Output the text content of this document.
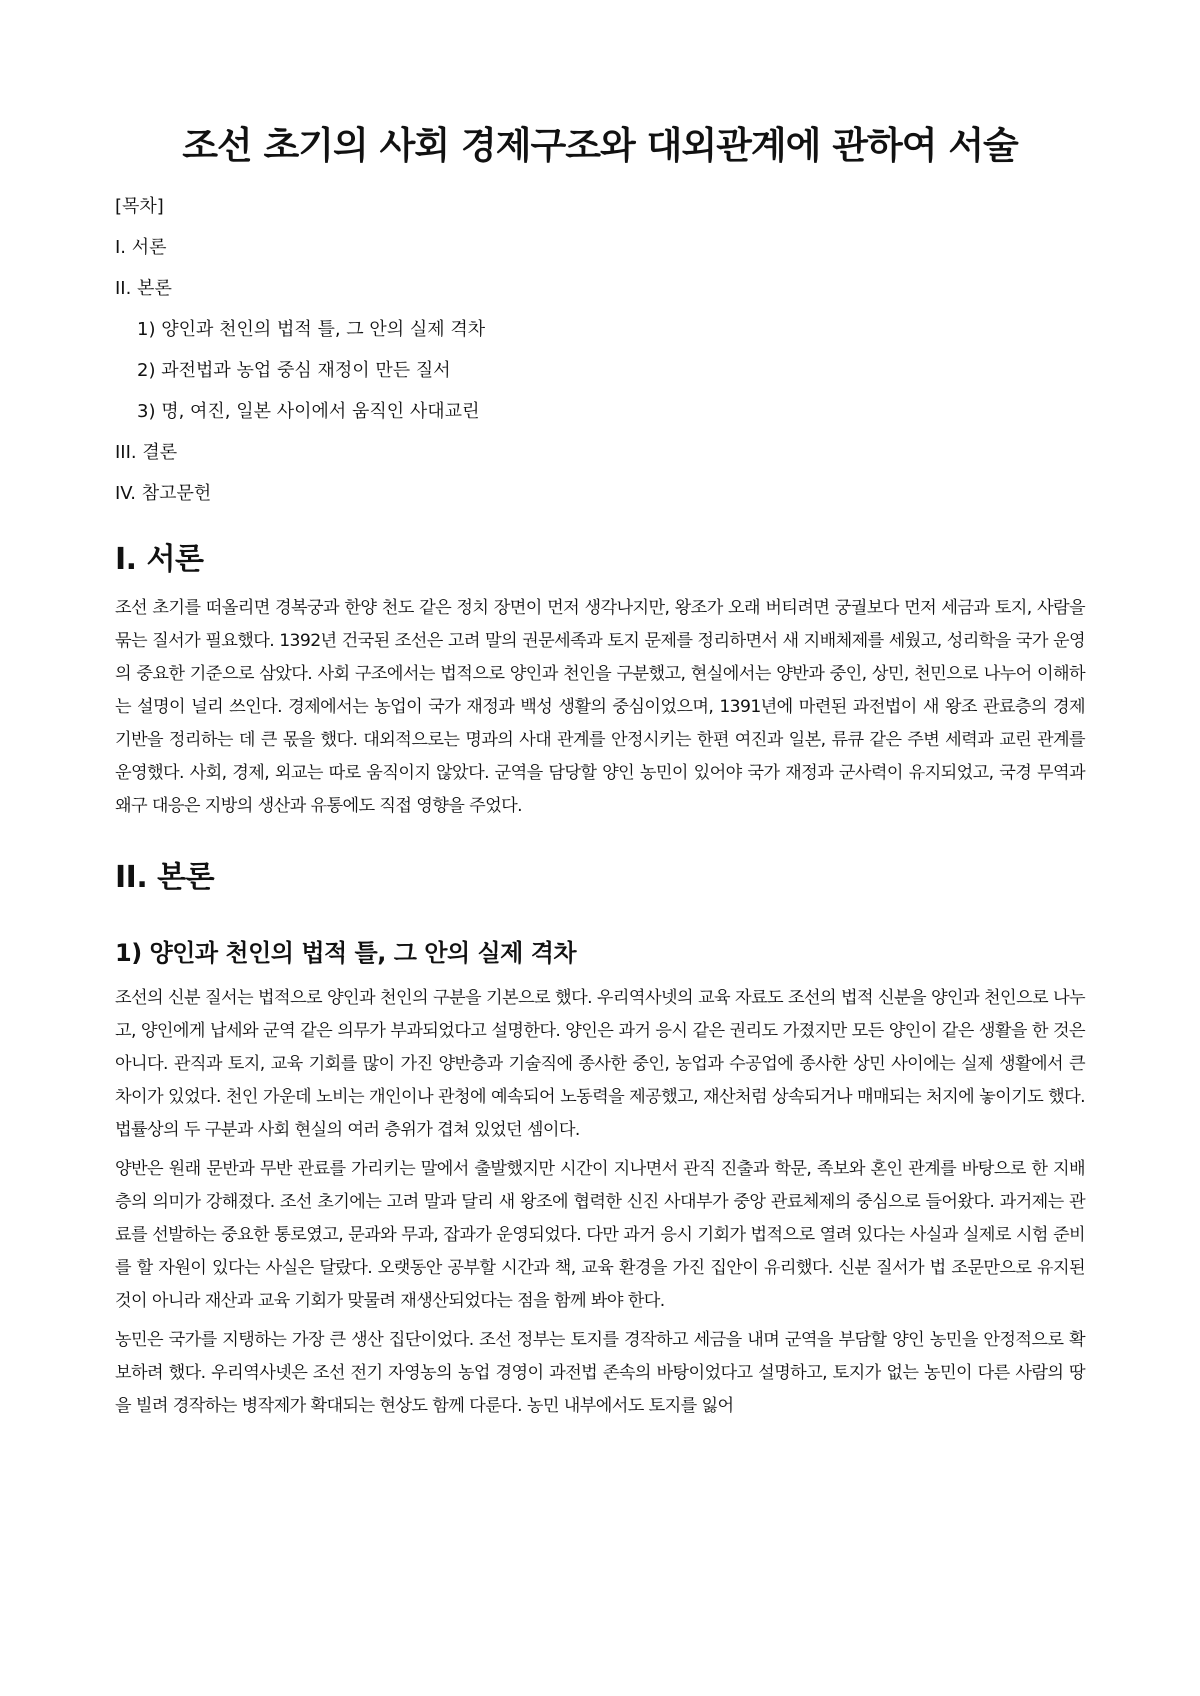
조선 초기의 사회 경제구조와 대외관계에 관하여 서술
[목차]
I. 서론
II. 본론
1) 양인과 천인의 법적 틀, 그 안의 실제 격차
2) 과전법과 농업 중심 재정이 만든 질서
3) 명, 여진, 일본 사이에서 움직인 사대교린
III. 결론
IV. 참고문헌
I. 서론

조선 초기를 떠올리면 경복궁과 한양 천도 같은 정치 장면이 먼저 생각나지만, 왕조가 오래 버티려면 궁궐보다 먼저 세금과 토지, 사람을 묶는 질서가 필요했다. 1392년 건국된 조선은 고려 말의 권문세족과 토지 문제를 정리하면서 새 지배체제를 세웠고, 성리학을 국가 운영의 중요한 기준으로 삼았다. 사회 구조에서는 법적으로 양인과 천인을 구분했고, 현실에서는 양반과 중인, 상민, 천민으로 나누어 이해하는 설명이 널리 쓰인다. 경제에서는 농업이 국가 재정과 백성 생활의 중심이었으며, 1391년에 마련된 과전법이 새 왕조 관료층의 경제 기반을 정리하는 데 큰 몫을 했다. 대외적으로는 명과의 사대 관계를 안정시키는 한편 여진과 일본, 류큐 같은 주변 세력과 교린 관계를 운영했다. 사회, 경제, 외교는 따로 움직이지 않았다. 군역을 담당할 양인 농민이 있어야 국가 재정과 군사력이 유지되었고, 국경 무역과 왜구 대응은 지방의 생산과 유통에도 직접 영향을 주었다.

II. 본론
1) 양인과 천인의 법적 틀, 그 안의 실제 격차

조선의 신분 질서는 법적으로 양인과 천인의 구분을 기본으로 했다. 우리역사넷의 교육 자료도 조선의 법적 신분을 양인과 천인으로 나누고, 양인에게 납세와 군역 같은 의무가 부과되었다고 설명한다. 양인은 과거 응시 같은 권리도 가졌지만 모든 양인이 같은 생활을 한 것은 아니다. 관직과 토지, 교육 기회를 많이 가진 양반층과 기술직에 종사한 중인, 농업과 수공업에 종사한 상민 사이에는 실제 생활에서 큰 차이가 있었다. 천인 가운데 노비는 개인이나 관청에 예속되어 노동력을 제공했고, 재산처럼 상속되거나 매매되는 처지에 놓이기도 했다. 법률상의 두 구분과 사회 현실의 여러 층위가 겹쳐 있었던 셈이다.

양반은 원래 문반과 무반 관료를 가리키는 말에서 출발했지만 시간이 지나면서 관직 진출과 학문, 족보와 혼인 관계를 바탕으로 한 지배층의 의미가 강해졌다. 조선 초기에는 고려 말과 달리 새 왕조에 협력한 신진 사대부가 중앙 관료체제의 중심으로 들어왔다. 과거제는 관료를 선발하는 중요한 통로였고, 문과와 무과, 잡과가 운영되었다. 다만 과거 응시 기회가 법적으로 열려 있다는 사실과 실제로 시험 준비를 할 자원이 있다는 사실은 달랐다. 오랫동안 공부할 시간과 책, 교육 환경을 가진 집안이 유리했다. 신분 질서가 법 조문만으로 유지된 것이 아니라 재산과 교육 기회가 맞물려 재생산되었다는 점을 함께 봐야 한다.

농민은 국가를 지탱하는 가장 큰 생산 집단이었다. 조선 정부는 토지를 경작하고 세금을 내며 군역을 부담할 양인 농민을 안정적으로 확보하려 했다. 우리역사넷은 조선 전기 자영농의 농업 경영이 과전법 존속의 바탕이었다고 설명하고, 토지가 없는 농민이 다른 사람의 땅을 빌려 경작하는 병작제가 확대되는 현상도 함께 다룬다. 농민 내부에서도 토지를 잃어
